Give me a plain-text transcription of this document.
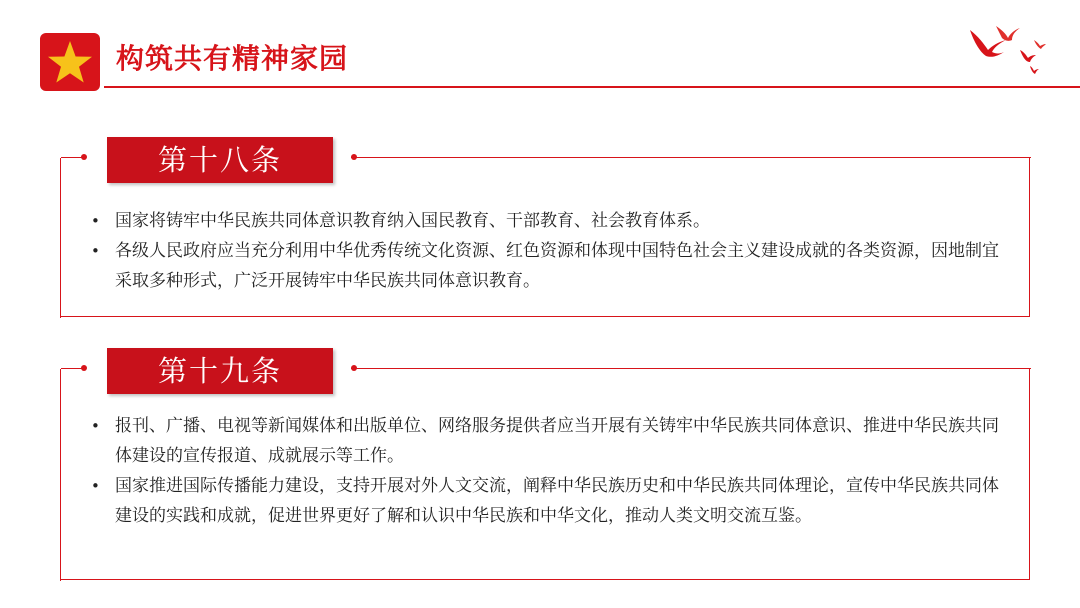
构筑共有精神家园
第十八条
• 国家将铸牢中华民族共同体意识教育纳入国民教育、干部教育、社会教育体系。
• 各级人民政府应当充分利用中华优秀传统文化资源、红色资源和体现中国特色社会主义建设成就的各类资源，因地制宜采取多种形式，广泛开展铸牢中华民族共同体意识教育。
第十九条
• 报刊、广播、电视等新闻媒体和出版单位、网络服务提供者应当开展有关铸牢中华民族共同体意识、推进中华民族共同体建设的宣传报道、成就展示等工作。
• 国家推进国际传播能力建设，支持开展对外人文交流，阐释中华民族历史和中华民族共同体理论，宣传中华民族共同体建设的实践和成就，促进世界更好了解和认识中华民族和中华文化，推动人类文明交流互鉴。
